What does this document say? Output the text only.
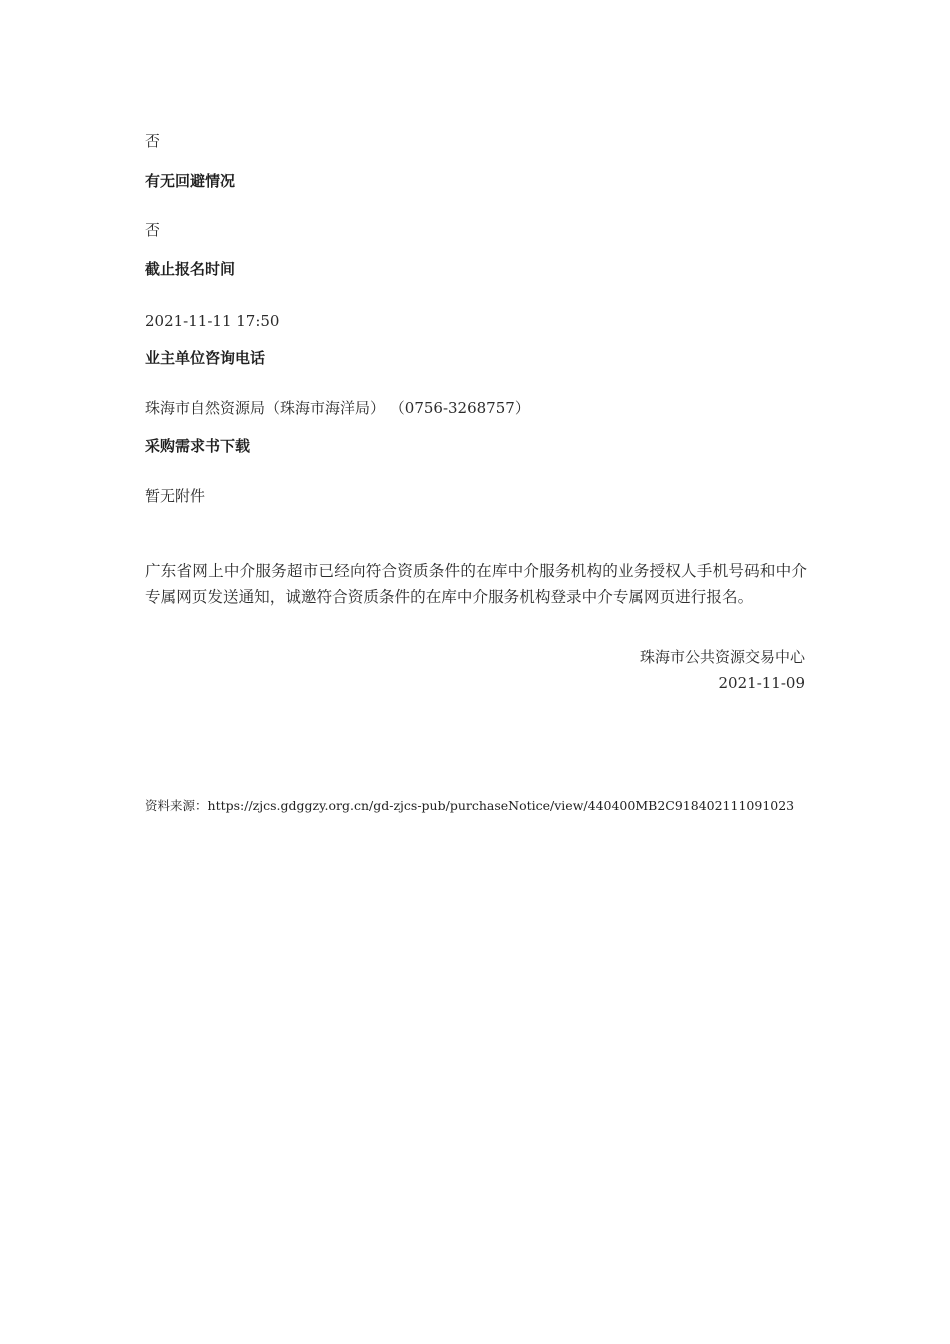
否
有无回避情况
否
截止报名时间
2021-11-11 17:50
业主单位咨询电话
珠海市自然资源局（珠海市海洋局） （0756-3268757）
采购需求书下载
暂无附件
广东省网上中介服务超市已经向符合资质条件的在库中介服务机构的业务授权人手机号码和中介专属网页发送通知，诚邀符合资质条件的在库中介服务机构登录中介专属网页进行报名。
珠海市公共资源交易中心
2021-11-09
资料来源：https://zjcs.gdggzy.org.cn/gd-zjcs-pub/purchaseNotice/view/440400MB2C918402111091023
